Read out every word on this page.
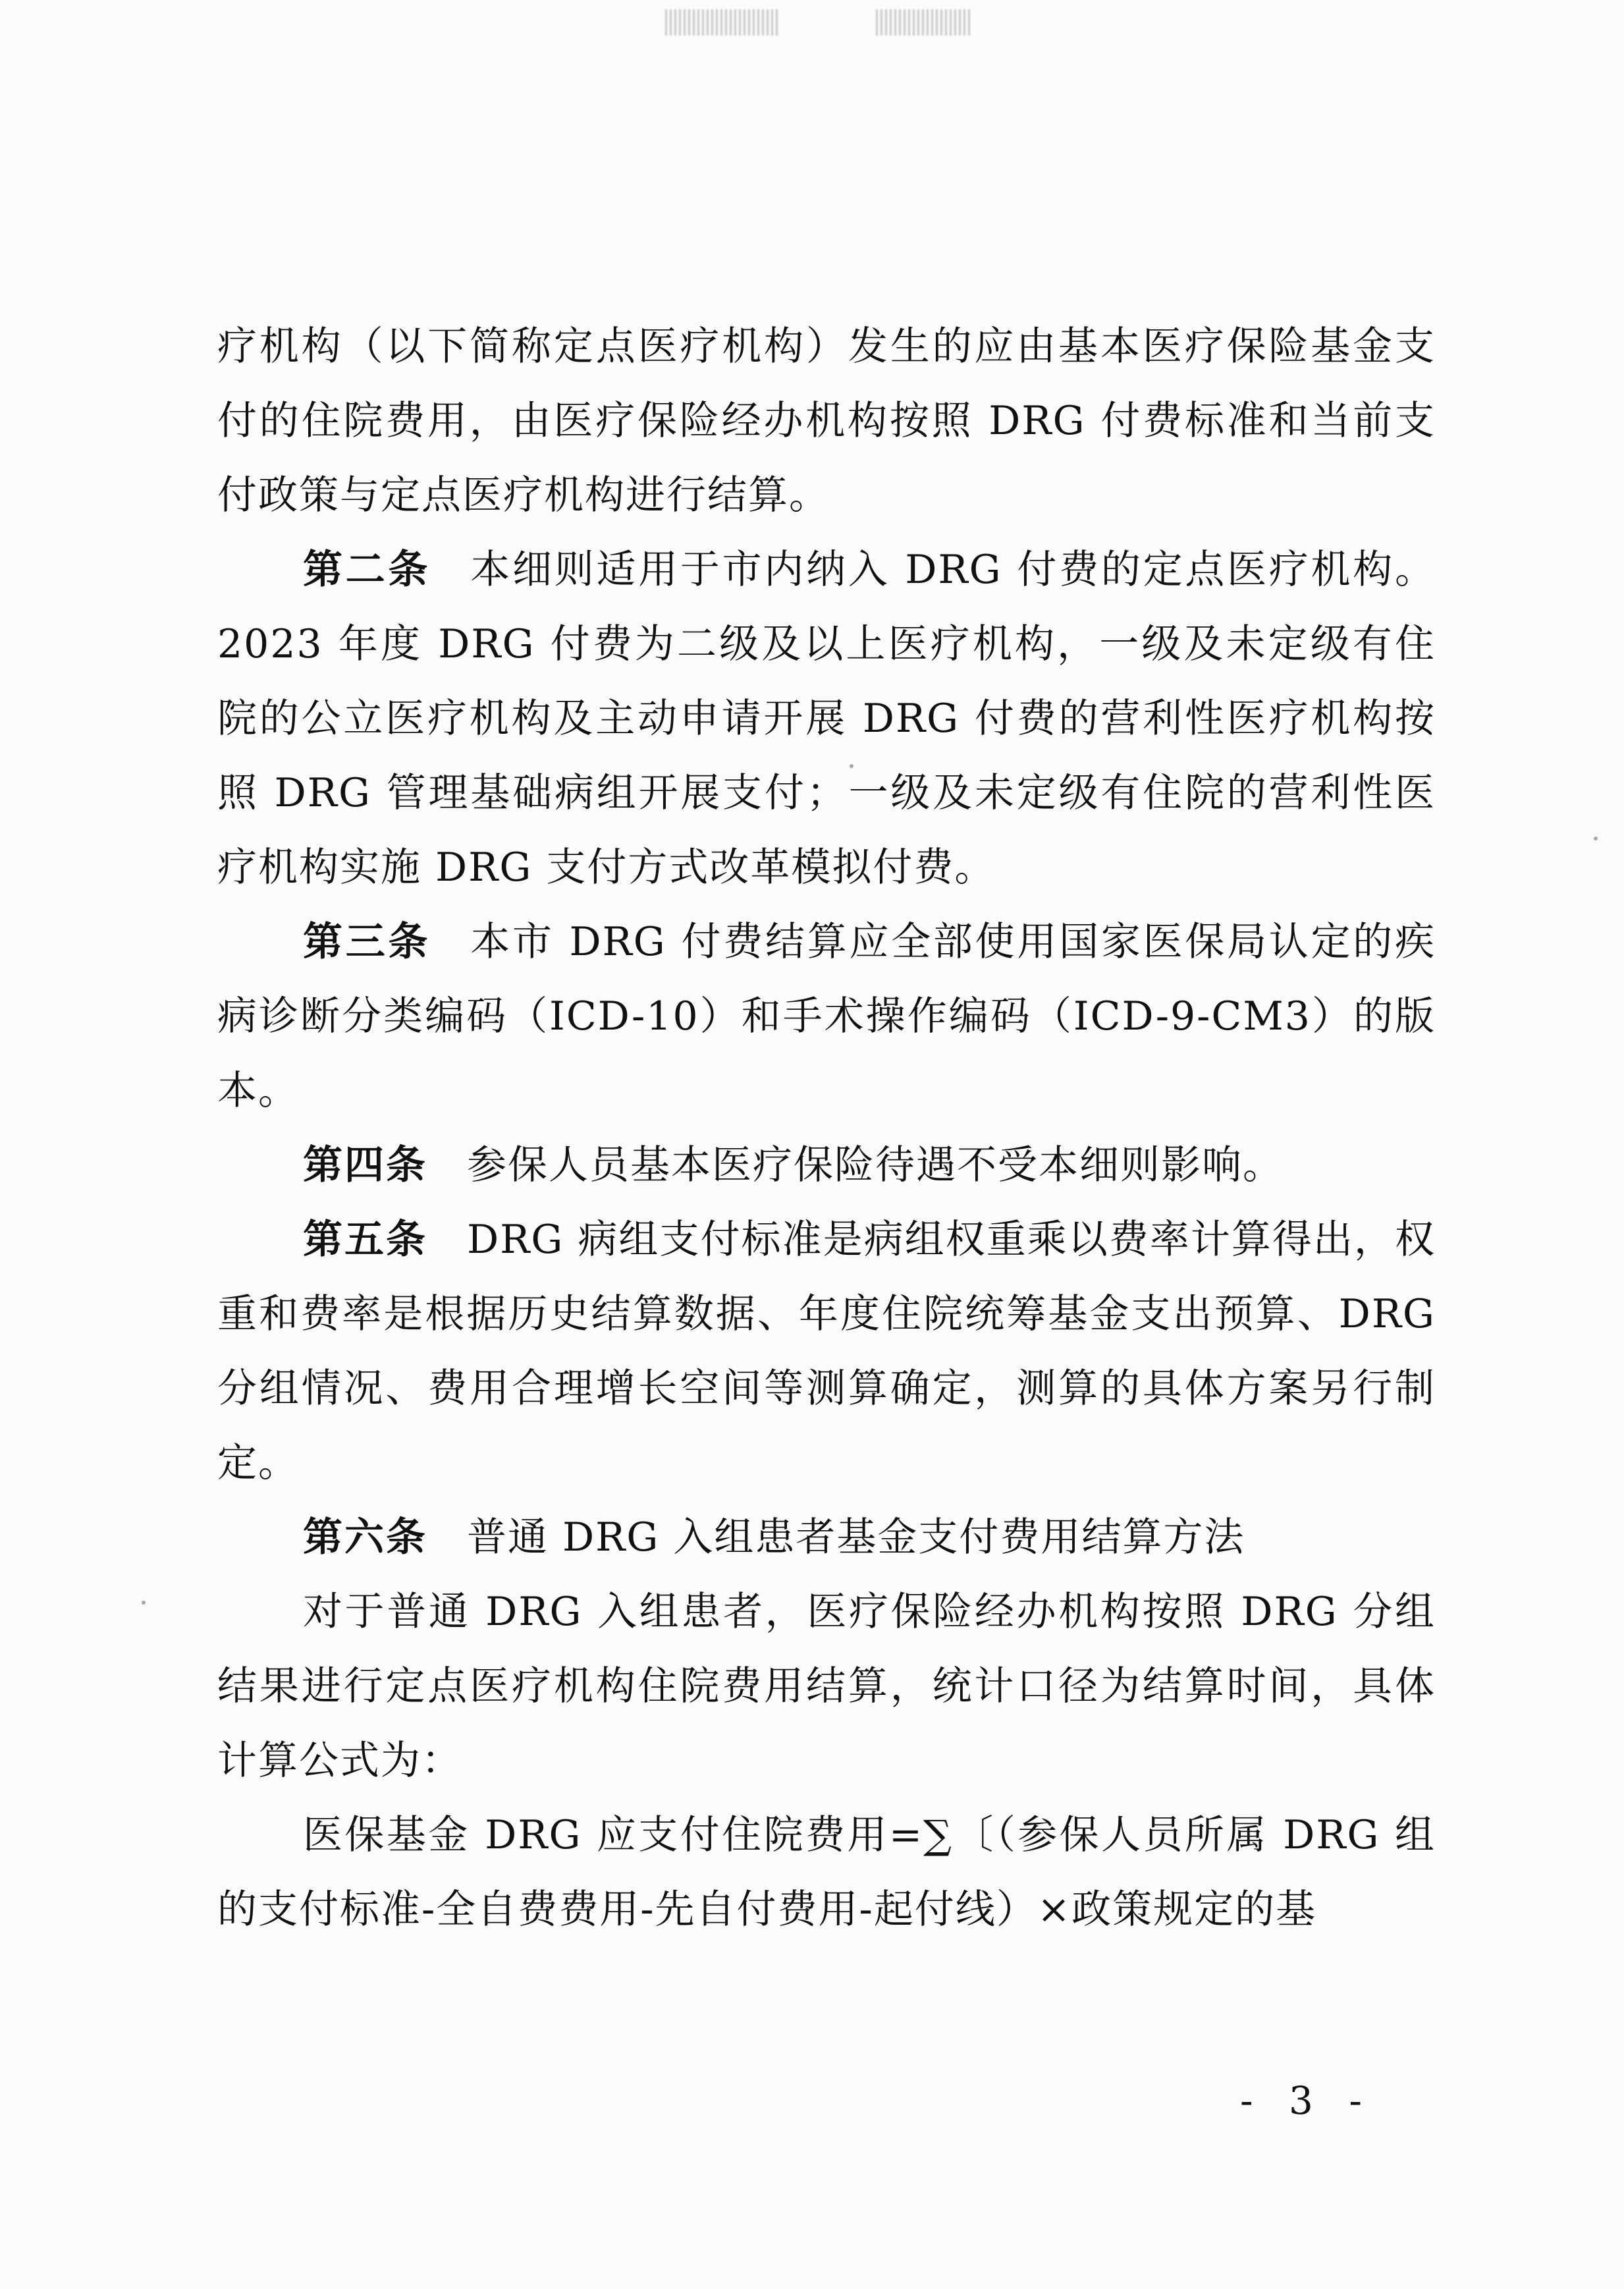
疗机构（以下简称定点医疗机构）发生的应由基本医疗保险基金支付的住院费用，由医疗保险经办机构按照 DRG 付费标准和当前支付政策与定点医疗机构进行结算。

第二条 本细则适用于市内纳入 DRG 付费的定点医疗机构。2023 年度 DRG 付费为二级及以上医疗机构，一级及未定级有住院的公立医疗机构及主动申请开展 DRG 付费的营利性医疗机构按照 DRG 管理基础病组开展支付；一级及未定级有住院的营利性医疗机构实施 DRG 支付方式改革模拟付费。

第三条 本市 DRG 付费结算应全部使用国家医保局认定的疾病诊断分类编码（ICD-10）和手术操作编码（ICD-9-CM3）的版本。

第四条 参保人员基本医疗保险待遇不受本细则影响。

第五条 DRG 病组支付标准是病组权重乘以费率计算得出，权重和费率是根据历史结算数据、年度住院统筹基金支出预算、DRG 分组情况、费用合理增长空间等测算确定，测算的具体方案另行制定。

第六条 普通 DRG 入组患者基金支付费用结算方法

对于普通 DRG 入组患者，医疗保险经办机构按照 DRG 分组结果进行定点医疗机构住院费用结算，统计口径为结算时间，具体计算公式为：

医保基金 DRG 应支付住院费用=∑〔（参保人员所属 DRG 组的支付标准-全自费费用-先自付费用-起付线）×政策规定的基

- 3 -
